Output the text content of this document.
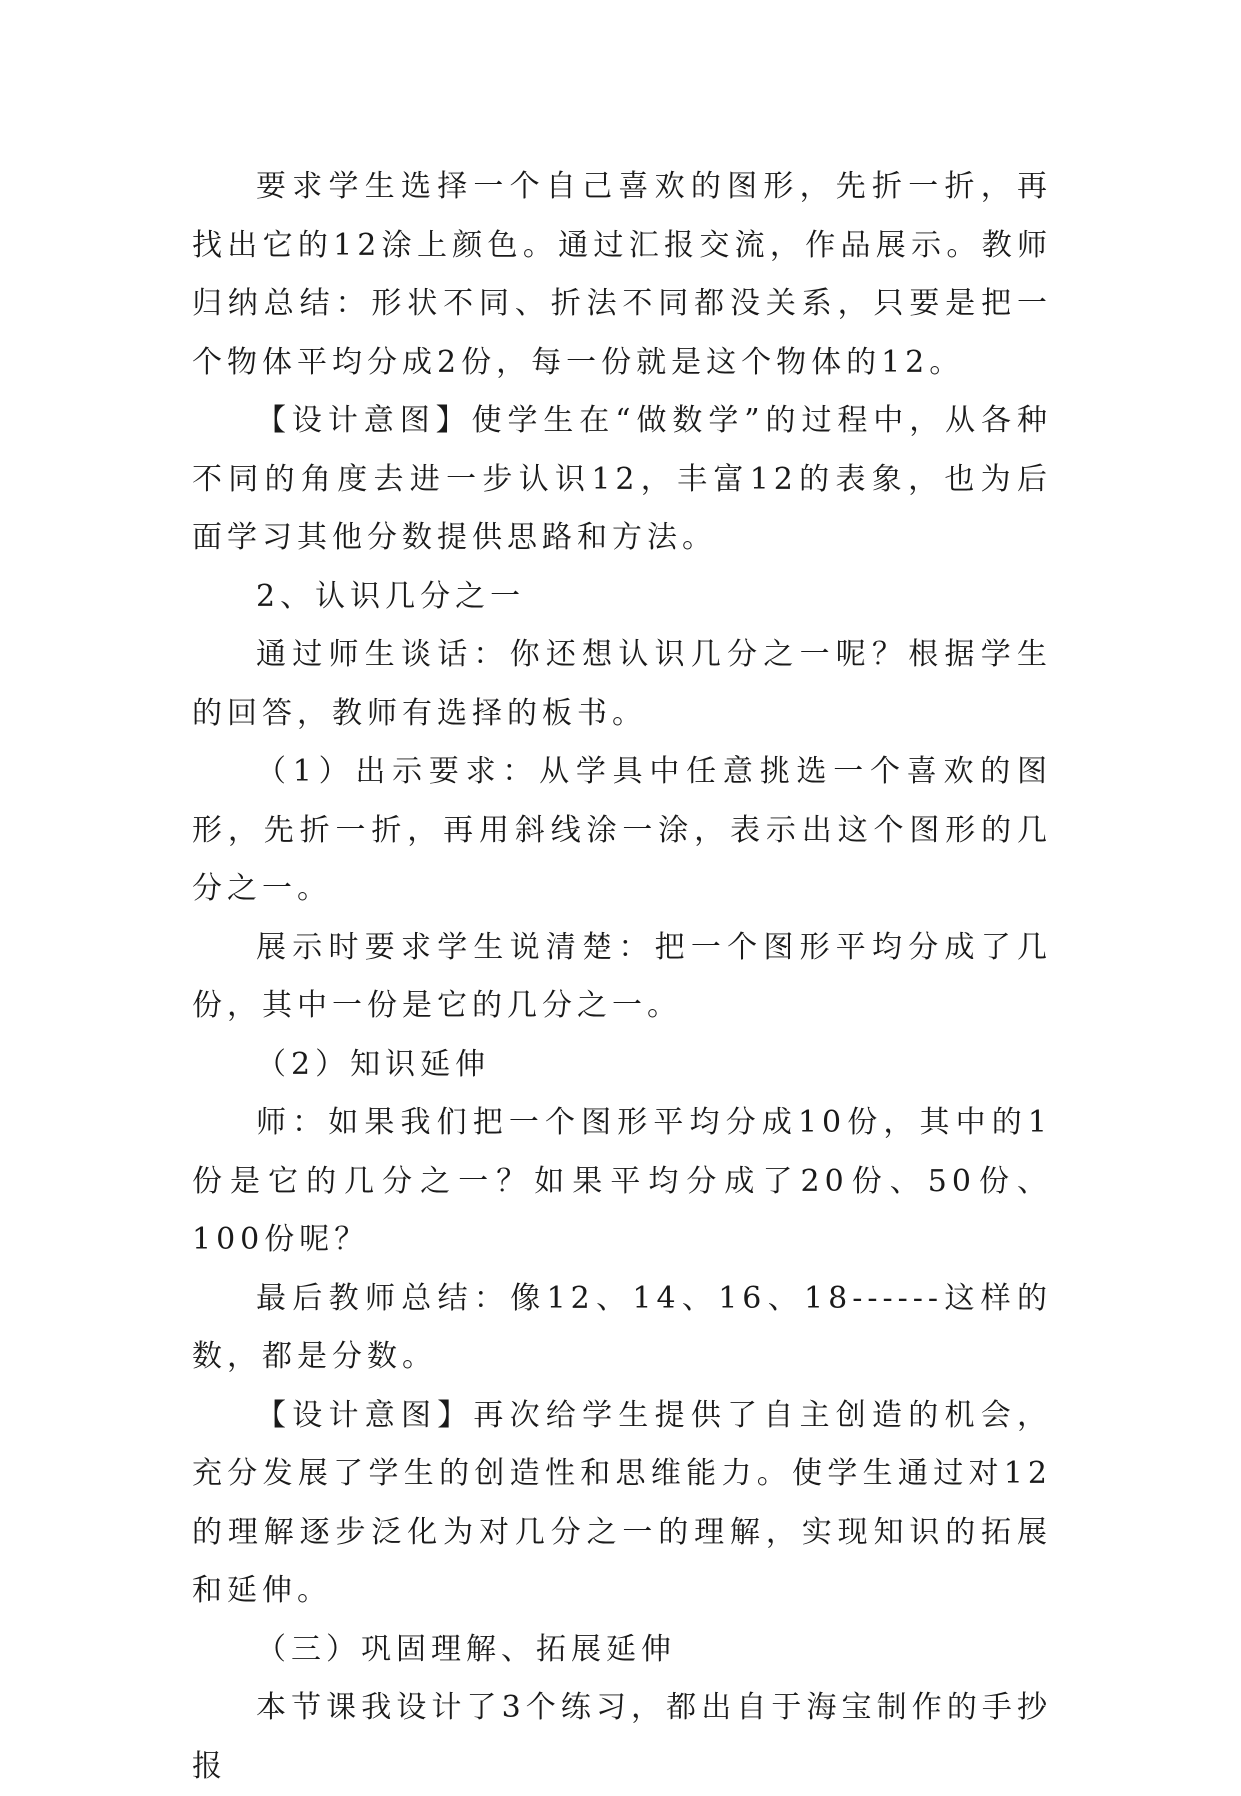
要求学生选择一个自己喜欢的图形，先折一折，再找出它的12涂上颜色。通过汇报交流，作品展示。教师归纳总结：形状不同、折法不同都没关系，只要是把一个物体平均分成2份，每一份就是这个物体的12。

【设计意图】使学生在“做数学”的过程中，从各种不同的角度去进一步认识12，丰富12的表象，也为后面学习其他分数提供思路和方法。

2、认识几分之一

通过师生谈话：你还想认识几分之一呢？根据学生的回答，教师有选择的板书。

（1）出示要求：从学具中任意挑选一个喜欢的图形，先折一折，再用斜线涂一涂，表示出这个图形的几分之一。

展示时要求学生说清楚：把一个图形平均分成了几份，其中一份是它的几分之一。

（2）知识延伸

师：如果我们把一个图形平均分成10份，其中的1份是它的几分之一？如果平均分成了20份、50份、100份呢？

最后教师总结：像12、14、16、18------这样的数，都是分数。

【设计意图】再次给学生提供了自主创造的机会，充分发展了学生的创造性和思维能力。使学生通过对12的理解逐步泛化为对几分之一的理解，实现知识的拓展和延伸。

（三）巩固理解、拓展延伸

本节课我设计了3个练习，都出自于海宝制作的手抄报
